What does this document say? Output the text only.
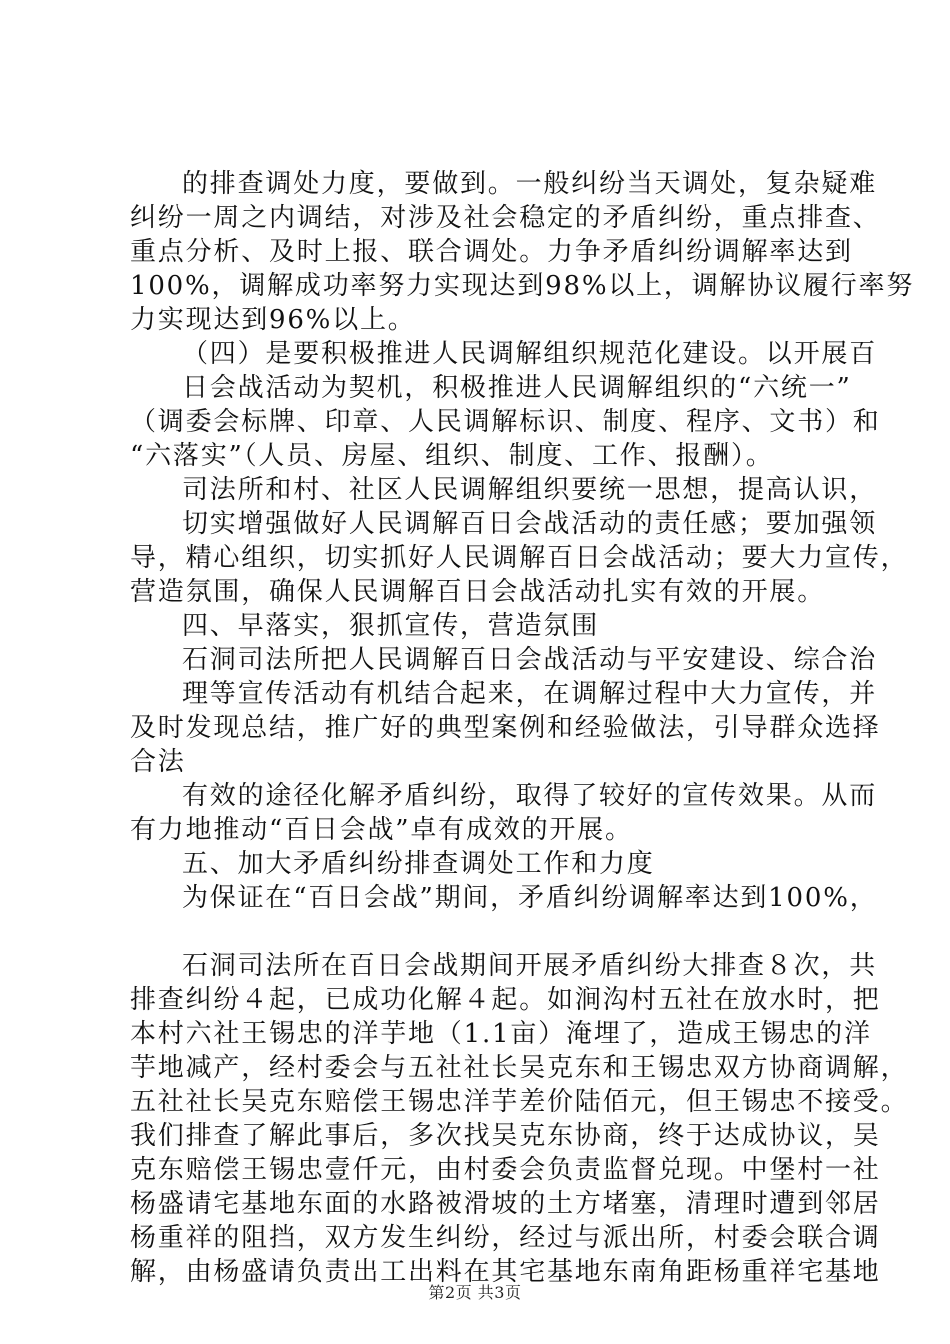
的排查调处力度，要做到。一般纠纷当天调处，复杂疑难
纠纷一周之内调结，对涉及社会稳定的矛盾纠纷，重点排查、
重点分析、及时上报、联合调处。力争矛盾纠纷调解率达到
100%，调解成功率努力实现达到98%以上，调解协议履行率努
力实现达到96%以上。
（四）是要积极推进人民调解组织规范化建设。以开展百
日会战活动为契机，积极推进人民调解组织的“六统一”
（调委会标牌、印章、人民调解标识、制度、程序、文书）和
“六落实”（人员、房屋、组织、制度、工作、报酬）。
司法所和村、社区人民调解组织要统一思想，提高认识，
切实增强做好人民调解百日会战活动的责任感；要加强领
导，精心组织，切实抓好人民调解百日会战活动；要大力宣传，
营造氛围，确保人民调解百日会战活动扎实有效的开展。
四、早落实，狠抓宣传，营造氛围
石洞司法所把人民调解百日会战活动与平安建设、综合治
理等宣传活动有机结合起来，在调解过程中大力宣传，并
及时发现总结，推广好的典型案例和经验做法，引导群众选择
合法
有效的途径化解矛盾纠纷，取得了较好的宣传效果。从而
有力地推动“百日会战”卓有成效的开展。
五、加大矛盾纠纷排查调处工作和力度
为保证在“百日会战”期间，矛盾纠纷调解率达到100%，
石洞司法所在百日会战期间开展矛盾纠纷大排查８次，共
排查纠纷４起，已成功化解４起。如涧沟村五社在放水时，把
本村六社王锡忠的洋芋地（1.1亩）淹埋了，造成王锡忠的洋
芋地减产，经村委会与五社社长吴克东和王锡忠双方协商调解，
五社社长吴克东赔偿王锡忠洋芋差价陆佰元，但王锡忠不接受。
我们排查了解此事后，多次找吴克东协商，终于达成协议，吴
克东赔偿王锡忠壹仟元，由村委会负责监督兑现。中堡村一社
杨盛请宅基地东面的水路被滑坡的土方堵塞，清理时遭到邻居
杨重祥的阻挡，双方发生纠纷，经过与派出所，村委会联合调
解，由杨盛请负责出工出料在其宅基地东南角距杨重祥宅基地
第2页 共3页
